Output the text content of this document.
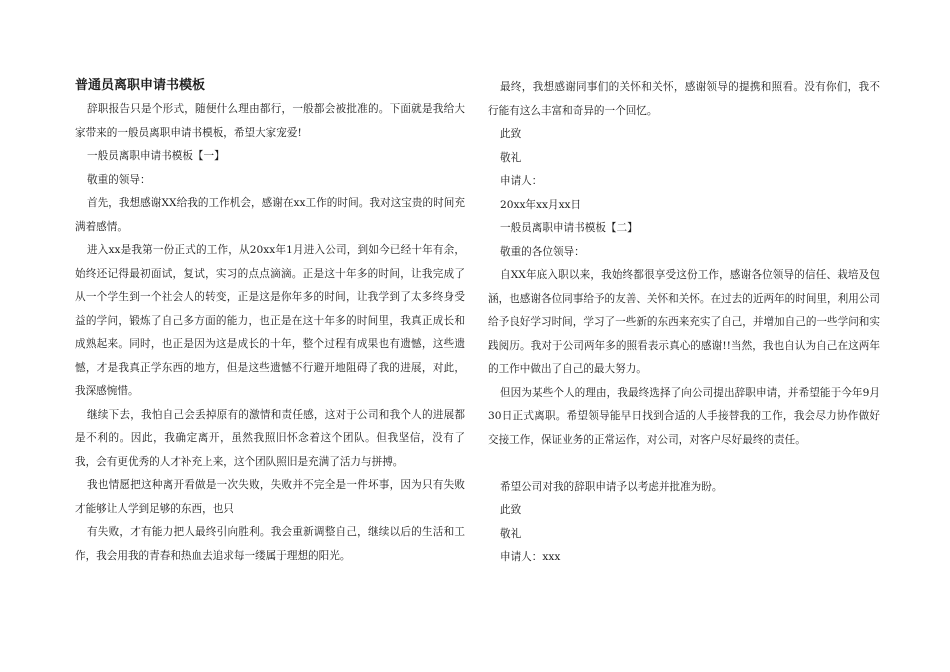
普通员离职申请书模板

辞职报告只是个形式，随便什么理由都行，一般都会被批准的。下面就是我给大家带来的一般员离职申请书模板，希望大家宠爱!

一般员离职申请书模板【一】

敬重的领导：

首先，我想感谢XX给我的工作机会，感谢在xx工作的时间。我对这宝贵的时间充满着感情。

进入xx是我第一份正式的工作，从20xx年1月进入公司，到如今已经十年有余，始终还记得最初面试，复试，实习的点点滴滴。正是这十年多的时间，让我完成了从一个学生到一个社会人的转变，正是这是你年多的时间，让我学到了太多终身受益的学问，锻炼了自己多方面的能力，也正是在这十年多的时间里，我真正成长和成熟起来。同时，也正是因为这是成长的十年，整个过程有成果也有遗憾，这些遗憾，才是我真正学东西的地方，但是这些遗憾不行避开地阻碍了我的进展，对此，我深感惋惜。

继续下去，我怕自己会丢掉原有的激情和责任感，这对于公司和我个人的进展都是不利的。因此，我确定离开，虽然我照旧怀念着这个团队。但我坚信，没有了我，会有更优秀的人才补充上来，这个团队照旧是充满了活力与拼搏。

我也情愿把这种离开看做是一次失败，失败并不完全是一件坏事，因为只有失败才能够让人学到足够的东西，也只

有失败，才有能力把人最终引向胜利。我会重新调整自己，继续以后的生活和工作，我会用我的青春和热血去追求每一缕属于理想的阳光。

最终，我想感谢同事们的关怀和关怀，感谢领导的提携和照看。没有你们，我不行能有这么丰富和奇异的一个回忆。

此致

敬礼

申请人：

20xx年xx月xx日

一般员离职申请书模板【二】

敬重的各位领导：

自XX年底入职以来，我始终都很享受这份工作，感谢各位领导的信任、栽培及包涵，也感谢各位同事给予的友善、关怀和关怀。在过去的近两年的时间里，利用公司给予良好学习时间，学习了一些新的东西来充实了自己，并增加自己的一些学问和实践阅历。我对于公司两年多的照看表示真心的感谢!!当然，我也自认为自己在这两年的工作中做出了自己的最大努力。

但因为某些个人的理由，我最终选择了向公司提出辞职申请，并希望能于今年9月30日正式离职。希望领导能早日找到合适的人手接替我的工作，我会尽力协作做好交接工作，保证业务的正常运作，对公司，对客户尽好最终的责任。

希望公司对我的辞职申请予以考虑并批准为盼。

此致

敬礼

申请人：xxx
